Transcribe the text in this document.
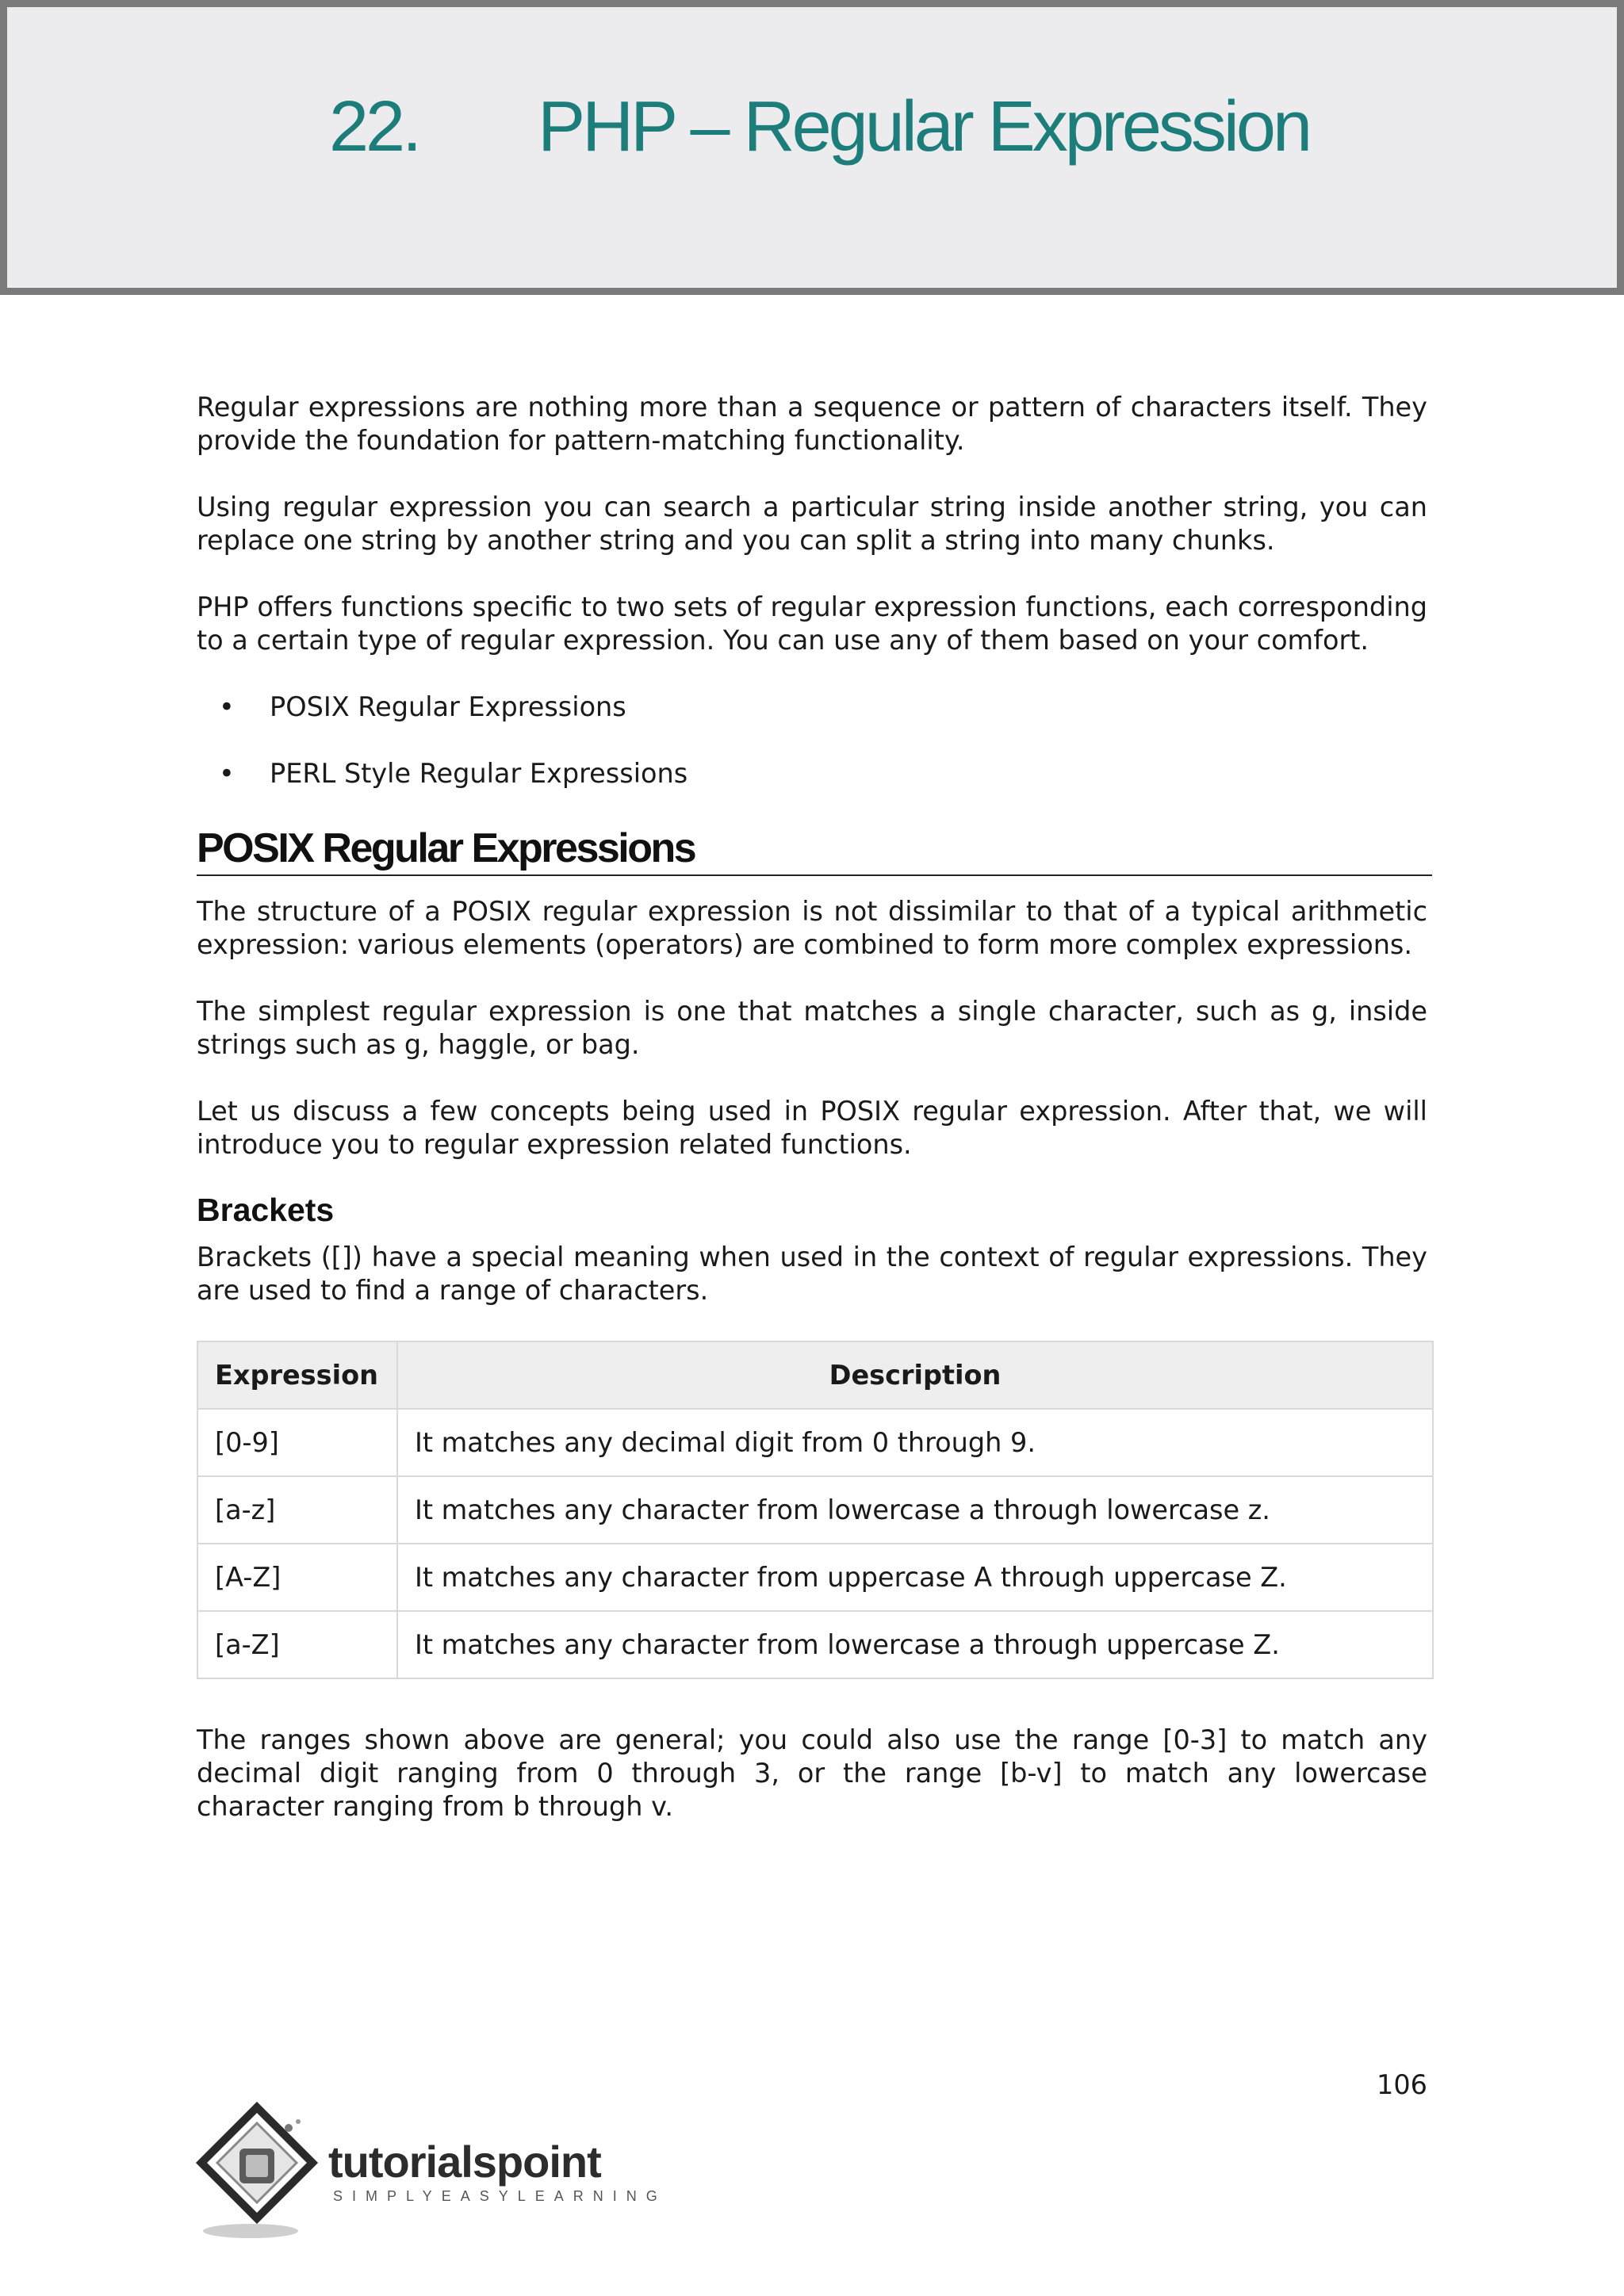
22. PHP – Regular Expression

Regular expressions are nothing more than a sequence or pattern of characters itself. They provide the foundation for pattern-matching functionality.

Using regular expression you can search a particular string inside another string, you can replace one string by another string and you can split a string into many chunks.

PHP offers functions specific to two sets of regular expression functions, each corresponding to a certain type of regular expression. You can use any of them based on your comfort.

• POSIX Regular Expressions
• PERL Style Regular Expressions
POSIX Regular Expressions

The structure of a POSIX regular expression is not dissimilar to that of a typical arithmetic expression: various elements (operators) are combined to form more complex expressions.

The simplest regular expression is one that matches a single character, such as g, inside strings such as g, haggle, or bag.

Let us discuss a few concepts being used in POSIX regular expression. After that, we will introduce you to regular expression related functions.

Brackets

Brackets ([]) have a special meaning when used in the context of regular expressions. They are used to find a range of characters.

Expression	Description
[0-9]	It matches any decimal digit from 0 through 9.
[a-z]	It matches any character from lowercase a through lowercase z.
[A-Z]	It matches any character from uppercase A through uppercase Z.
[a-Z]	It matches any character from lowercase a through uppercase Z.

The ranges shown above are general; you could also use the range [0-3] to match any decimal digit ranging from 0 through 3, or the range [b-v] to match any lowercase character ranging from b through v.

106
tutorialspoint
SIMPLYEASYLEARNING
